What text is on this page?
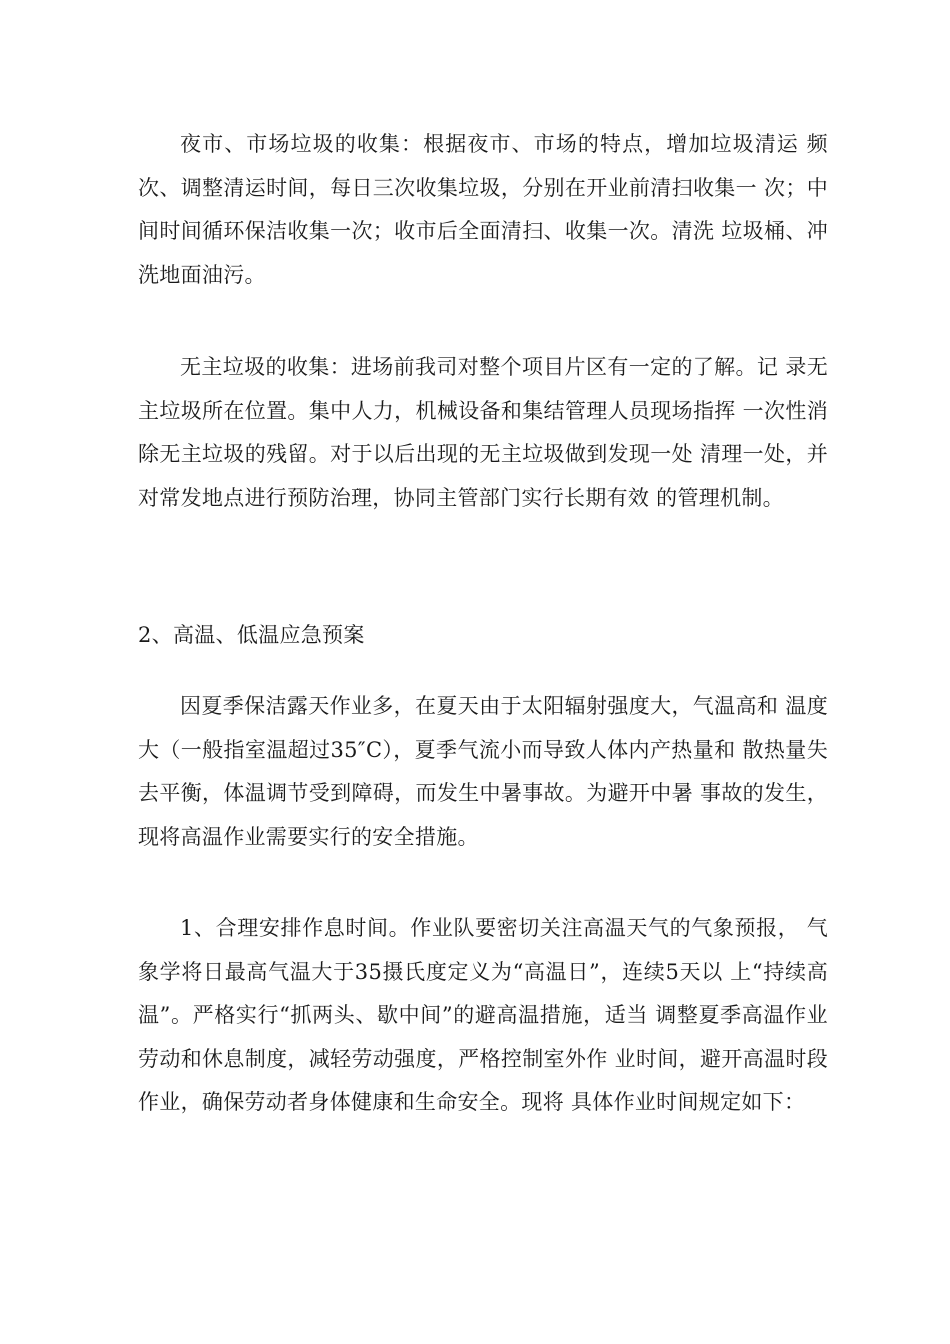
夜市、市场垃圾的收集：根据夜市、市场的特点，增加垃圾清运 频次、调整清运时间，每日三次收集垃圾，分别在开业前清扫收集一 次；中间时间循环保洁收集一次；收市后全面清扫、收集一次。清洗 垃圾桶、冲洗地面油污。

无主垃圾的收集：进场前我司对整个项目片区有一定的了解。记 录无主垃圾所在位置。集中人力，机械设备和集结管理人员现场指挥 一次性消除无主垃圾的残留。对于以后出现的无主垃圾做到发现一处 清理一处，并对常发地点进行预防治理，协同主管部门实行长期有效 的管理机制。

2、高温、低温应急预案

因夏季保洁露天作业多，在夏天由于太阳辐射强度大，气温高和 温度大（一般指室温超过35″C），夏季气流小而导致人体内产热量和 散热量失去平衡，体温调节受到障碍，而发生中暑事故。为避开中暑 事故的发生，现将高温作业需要实行的安全措施。

1、合理安排作息时间。作业队要密切关注高温天气的气象预报， 气象学将日最高气温大于35摄氏度定义为“高温日”，连续5天以 上“持续高温”。严格实行“抓两头、歇中间”的避高温措施，适当 调整夏季高温作业劳动和休息制度，减轻劳动强度，严格控制室外作 业时间，避开高温时段作业，确保劳动者身体健康和生命安全。现将 具体作业时间规定如下：
